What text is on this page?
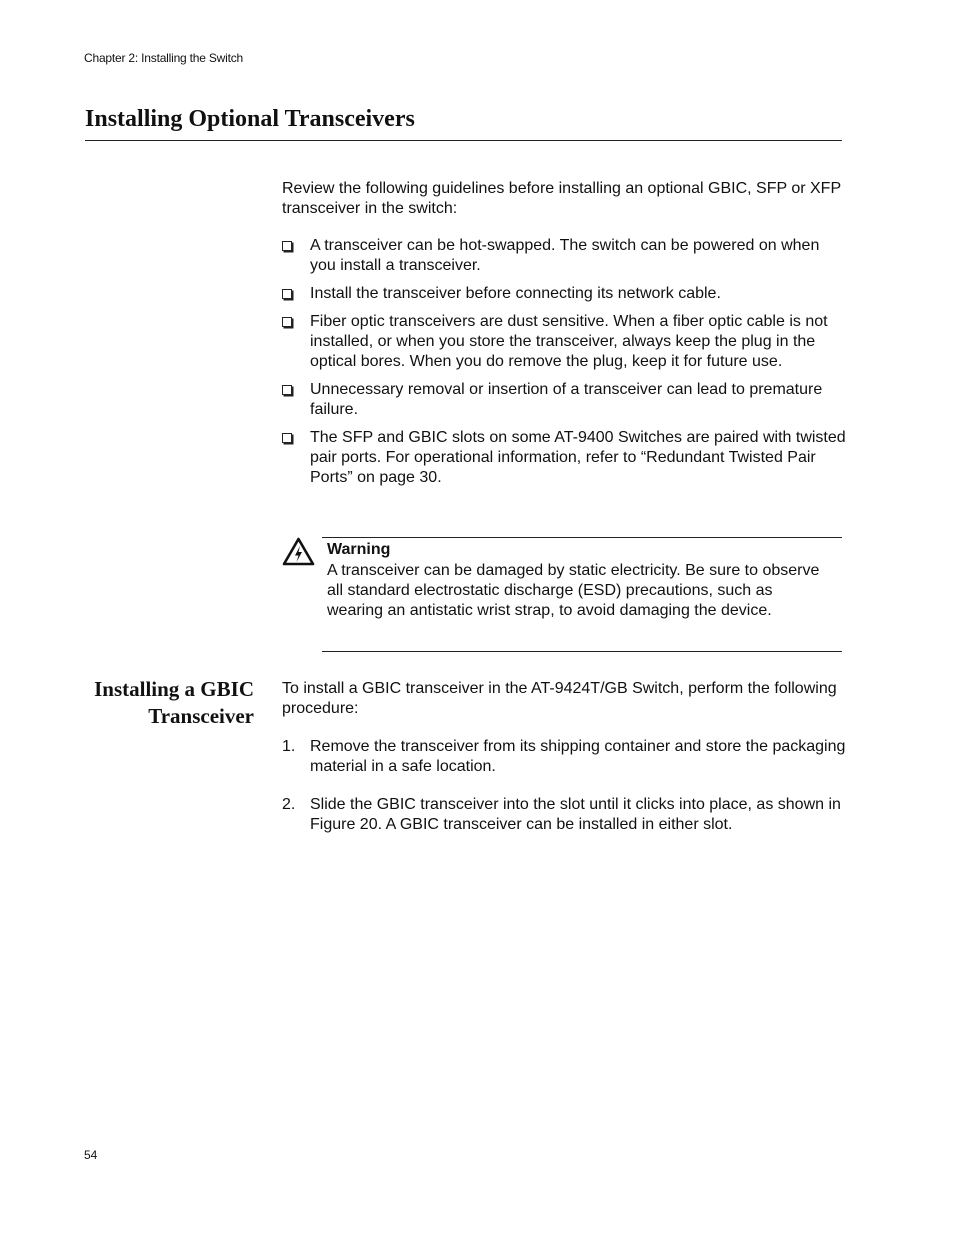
Chapter 2: Installing the Switch
Installing Optional Transceivers

Review the following guidelines before installing an optional GBIC, SFP or XFP transceiver in the switch:

A transceiver can be hot-swapped. The switch can be powered on when you install a transceiver.
Install the transceiver before connecting its network cable.
Fiber optic transceivers are dust sensitive. When a fiber optic cable is not installed, or when you store the transceiver, always keep the plug in the optical bores. When you do remove the plug, keep it for future use.
Unnecessary removal or insertion of a transceiver can lead to premature failure.
The SFP and GBIC slots on some AT-9400 Switches are paired with twisted pair ports. For operational information, refer to “Redundant Twisted Pair Ports” on page 30.
Warning

A transceiver can be damaged by static electricity. Be sure to observe all standard electrostatic discharge (ESD) precautions, such as wearing an antistatic wrist strap, to avoid damaging the device.

Installing a GBIC
Transceiver

To install a GBIC transceiver in the AT-9424T/GB Switch, perform the following procedure:

1. Remove the transceiver from its shipping container and store the packaging material in a safe location.
2. Slide the GBIC transceiver into the slot until it clicks into place, as shown in Figure 20. A GBIC transceiver can be installed in either slot.
54
